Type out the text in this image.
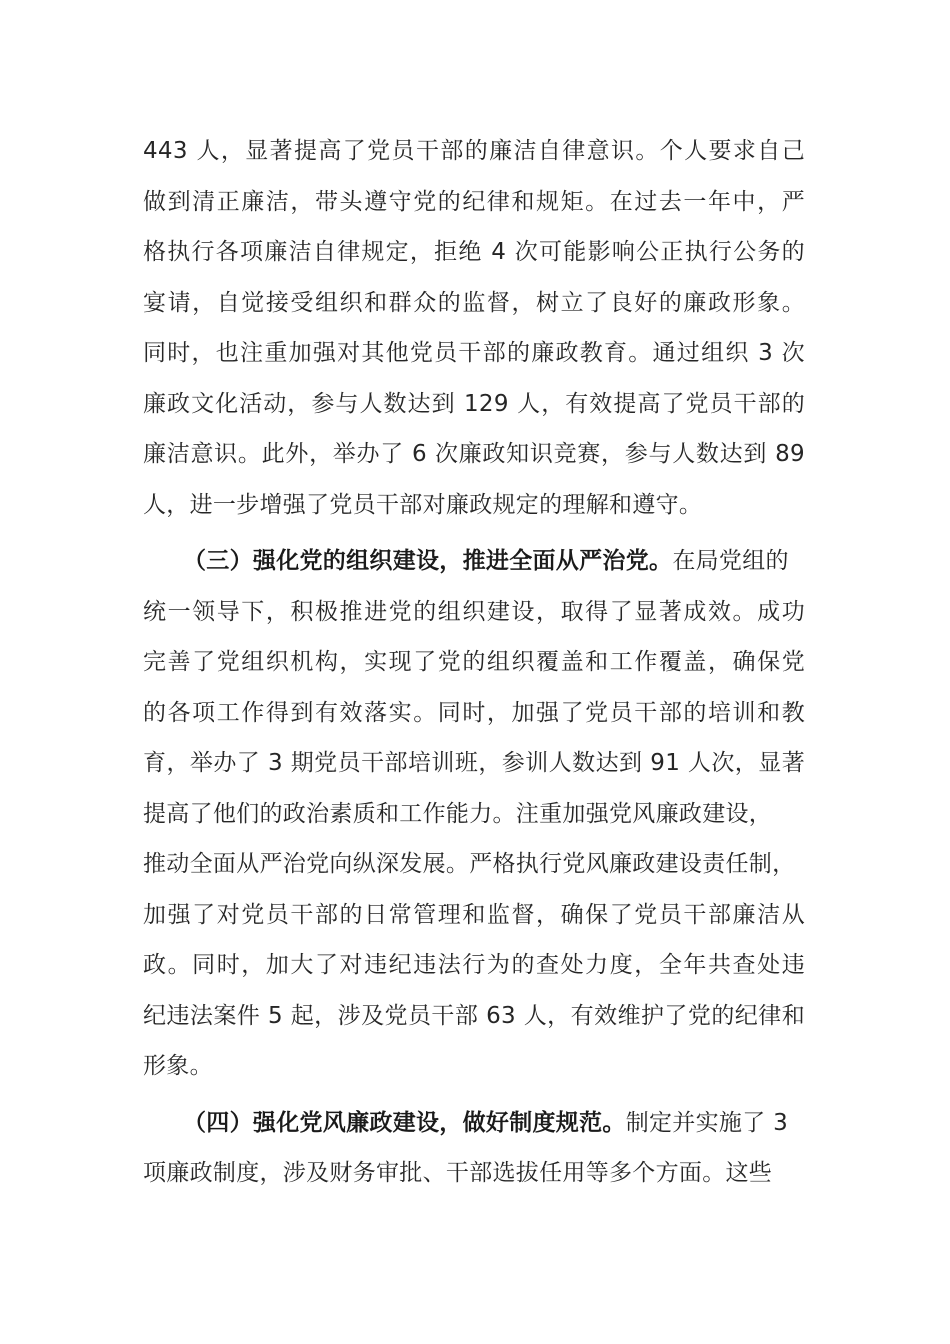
443 人，显著提高了党员干部的廉洁自律意识。个人要求自己
做到清正廉洁，带头遵守党的纪律和规矩。在过去一年中，严
格执行各项廉洁自律规定，拒绝 4 次可能影响公正执行公务的
宴请，自觉接受组织和群众的监督，树立了良好的廉政形象。
同时，也注重加强对其他党员干部的廉政教育。通过组织 3 次
廉政文化活动，参与人数达到 129 人，有效提高了党员干部的
廉洁意识。此外，举办了 6 次廉政知识竞赛，参与人数达到 89
人，进一步增强了党员干部对廉政规定的理解和遵守。
（三）强化党的组织建设，推进全面从严治党。在局党组的
统一领导下，积极推进党的组织建设，取得了显著成效。成功
完善了党组织机构，实现了党的组织覆盖和工作覆盖，确保党
的各项工作得到有效落实。同时，加强了党员干部的培训和教
育，举办了 3 期党员干部培训班，参训人数达到 91 人次，显著
提高了他们的政治素质和工作能力。注重加强党风廉政建设，
推动全面从严治党向纵深发展。严格执行党风廉政建设责任制，
加强了对党员干部的日常管理和监督，确保了党员干部廉洁从
政。同时，加大了对违纪违法行为的查处力度，全年共查处违
纪违法案件 5 起，涉及党员干部 63 人，有效维护了党的纪律和
形象。
（四）强化党风廉政建设，做好制度规范。制定并实施了 3
项廉政制度，涉及财务审批、干部选拔任用等多个方面。这些
